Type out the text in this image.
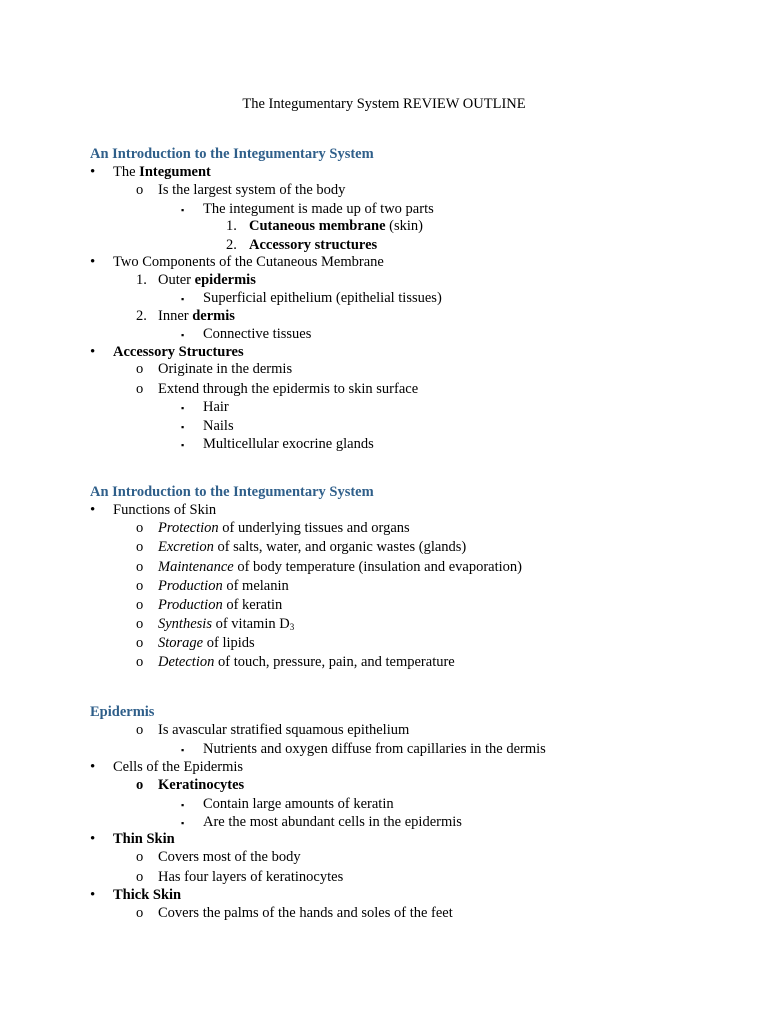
The Integumentary System REVIEW OUTLINE
An Introduction to the Integumentary System
• The Integument
o Is the largest system of the body
▪ The integument is made up of two parts
1. Cutaneous membrane (skin)
2. Accessory structures
• Two Components of the Cutaneous Membrane
1. Outer epidermis
▪ Superficial epithelium (epithelial tissues)
2. Inner dermis
▪ Connective tissues
• Accessory Structures
o Originate in the dermis
o Extend through the epidermis to skin surface
▪ Hair
▪ Nails
▪ Multicellular exocrine glands
An Introduction to the Integumentary System
• Functions of Skin
o Protection of underlying tissues and organs
o Excretion of salts, water, and organic wastes (glands)
o Maintenance of body temperature (insulation and evaporation)
o Production of melanin
o Production of keratin
o Synthesis of vitamin $D_3$
o Storage of lipids
o Detection of touch, pressure, pain, and temperature
Epidermis
o Is avascular stratified squamous epithelium
▪ Nutrients and oxygen diffuse from capillaries in the dermis
• Cells of the Epidermis
o Keratinocytes
▪ Contain large amounts of keratin
▪ Are the most abundant cells in the epidermis
• Thin Skin
o Covers most of the body
o Has four layers of keratinocytes
• Thick Skin
o Covers the palms of the hands and soles of the feet
